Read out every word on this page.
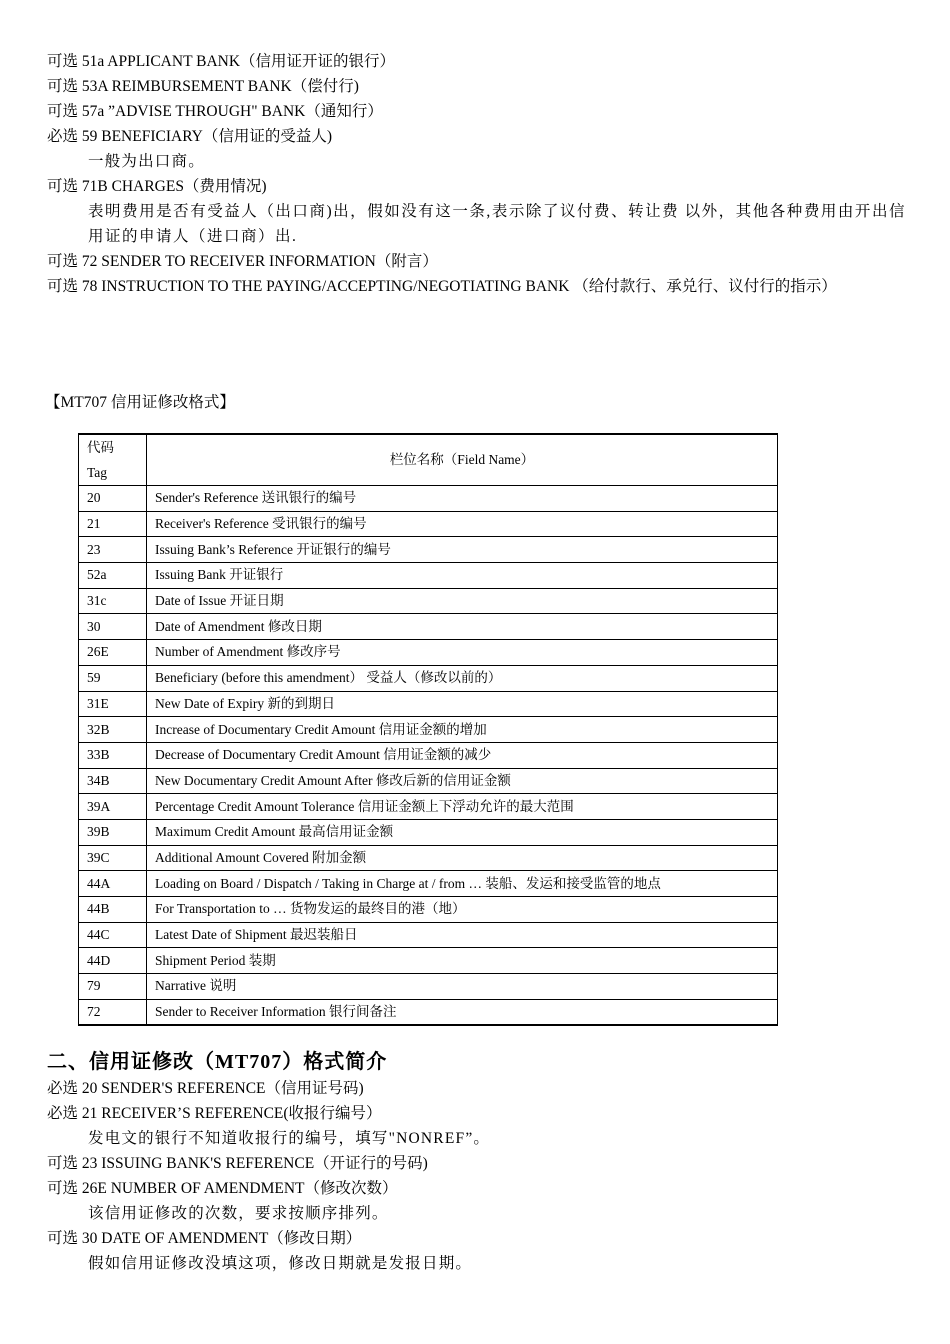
可选 51a APPLICANT BANK（信用证开证的银行）
可选 53A REIMBURSEMENT BANK（偿付行)
可选 57a ”ADVISE THROUGH" BANK（通知行）
必选 59 BENEFICIARY（信用证的受益人)
一般为出口商。
可选 71B CHARGES（费用情况)
表明费用是否有受益人（出口商)出，假如没有这一条,表示除了议付费、转让费 以外，其他各种费用由开出信用证的申请人（进口商）出.
可选 72 SENDER TO RECEIVER INFORMATION（附言）
可选 78 INSTRUCTION TO THE PAYING/ACCEPTING/NEGOTIATING BANK （给付款行、承兑行、议付行的指示）
【MT707 信用证修改格式】
代码
Tag	栏位名称（Field Name）
20	Sender's Reference 送讯银行的编号
21	Receiver's Reference 受讯银行的编号
23	Issuing Bank’s Reference 开证银行的编号
52a	Issuing Bank 开证银行
31c	Date of Issue 开证日期
30	Date of Amendment 修改日期
26E	Number of Amendment 修改序号
59	Beneficiary (before this amendment） 受益人（修改以前的）
31E	New Date of Expiry 新的到期日
32B	Increase of Documentary Credit Amount 信用证金额的增加
33B	Decrease of Documentary Credit Amount 信用证金额的减少
34B	New Documentary Credit Amount After 修改后新的信用证金额
39A	Percentage Credit Amount Tolerance 信用证金额上下浮动允许的最大范围
39B	Maximum Credit Amount 最高信用证金额
39C	Additional Amount Covered 附加金额
44A	Loading on Board / Dispatch / Taking in Charge at / from … 装船、发运和接受监管的地点
44B	For Transportation to … 货物发运的最终目的港（地）
44C	Latest Date of Shipment 最迟装船日
44D	Shipment Period 装期
79	Narrative 说明
72	Sender to Receiver Information 银行间备注
二、信用证修改（MT707）格式简介
必选 20 SENDER'S REFERENCE（信用证号码)
必选 21 RECEIVER’S REFERENCE(收报行编号）
发电文的银行不知道收报行的编号，填写"NONREF”。
可选 23 ISSUING BANK'S REFERENCE（开证行的号码)
可选 26E NUMBER OF AMENDMENT（修改次数）
该信用证修改的次数，要求按顺序排列。
可选 30 DATE OF AMENDMENT（修改日期）
假如信用证修改没填这项，修改日期就是发报日期。
